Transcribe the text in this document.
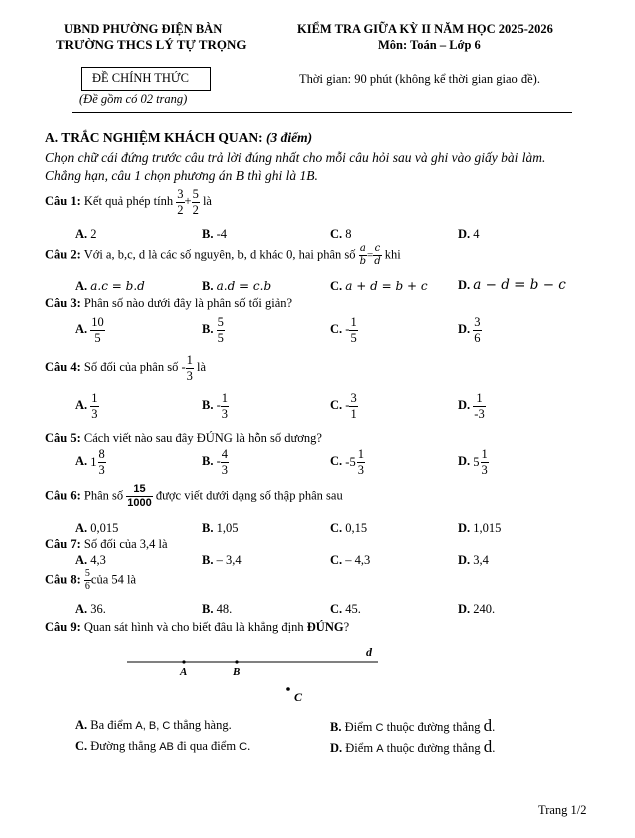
UBND PHƯỜNG ĐIỆN BÀN
TRƯỜNG THCS LÝ TỰ TRỌNG
KIỂM TRA GIỮA KỲ II NĂM HỌC 2025-2026
Môn: Toán – Lớp 6
ĐỀ CHÍNH THỨC
(Đề gồm có 02 trang)
Thời gian: 90 phút (không kể thời gian giao đề).
A. TRẮC NGHIỆM KHÁCH QUAN: (3 điểm)
Chọn chữ cái đứng trước câu trả lời đúng nhất cho mỗi câu hỏi sau và ghi vào giấy bài làm.
Chẳng hạn, câu 1 chọn phương án B thì ghi là 1B.
Câu 1: Kết quả phép tính $\frac{3}{2} + \frac{5}{2}$ là
A. 2	B. -4	C. 8	D. 4
Câu 2: Với a, b,c, d là các số nguyên, b, d khác 0, hai phân số $\frac{a}{b} = \frac{c}{d}$ khi
A. a.c = b.d	B. a.d = c.b	C. a + d = b + c D. a − d = b − c
Câu 3: Phân số nào dưới đây là phân số tối giản?
A. $\frac{10}{5}$	B. $\frac{5}{5}$	C. - $\frac{1}{5}$	D. $\frac{3}{6}$
Câu 4: Số đối của phân số - $\frac{1}{3}$ là
A. $\frac{1}{3}$	B. - $\frac{1}{3}$	C. - $\frac{3}{1}$	D. $\frac{1}{-3}$
Câu 5: Cách viết nào sau đây ĐÚNG là hỗn số dương?
A. $1 \frac{8}{3}$	B. - $\frac{4}{3}$	C. $-5 \frac{1}{3}$	D. $5 \frac{1}{3}$
Câu 6: Phân số $\frac{15}{1000}$ được viết dưới dạng số thập phân sau
A. 0,015	B. 1,05	C. 0,15	D. 1,015
Câu 7: Số đối của 3,4 là
A. 4,3	B. – 3,4	C. – 4,3	D. 3,4
Câu 8: $\frac{5}{6}$ của 54 là
A. 36.	B. 48.	C. 45.	D. 240.
Câu 9: Quan sát hình và cho biết đâu là khẳng định ĐÚNG?
d
A	B
C
A. Ba điểm A, B, C thẳng hàng.	B. Điểm C thuộc đường thẳng d.
C. Đường thẳng AB đi qua điểm C.	D. Điểm A thuộc đường thẳng d.
Trang 1/2
